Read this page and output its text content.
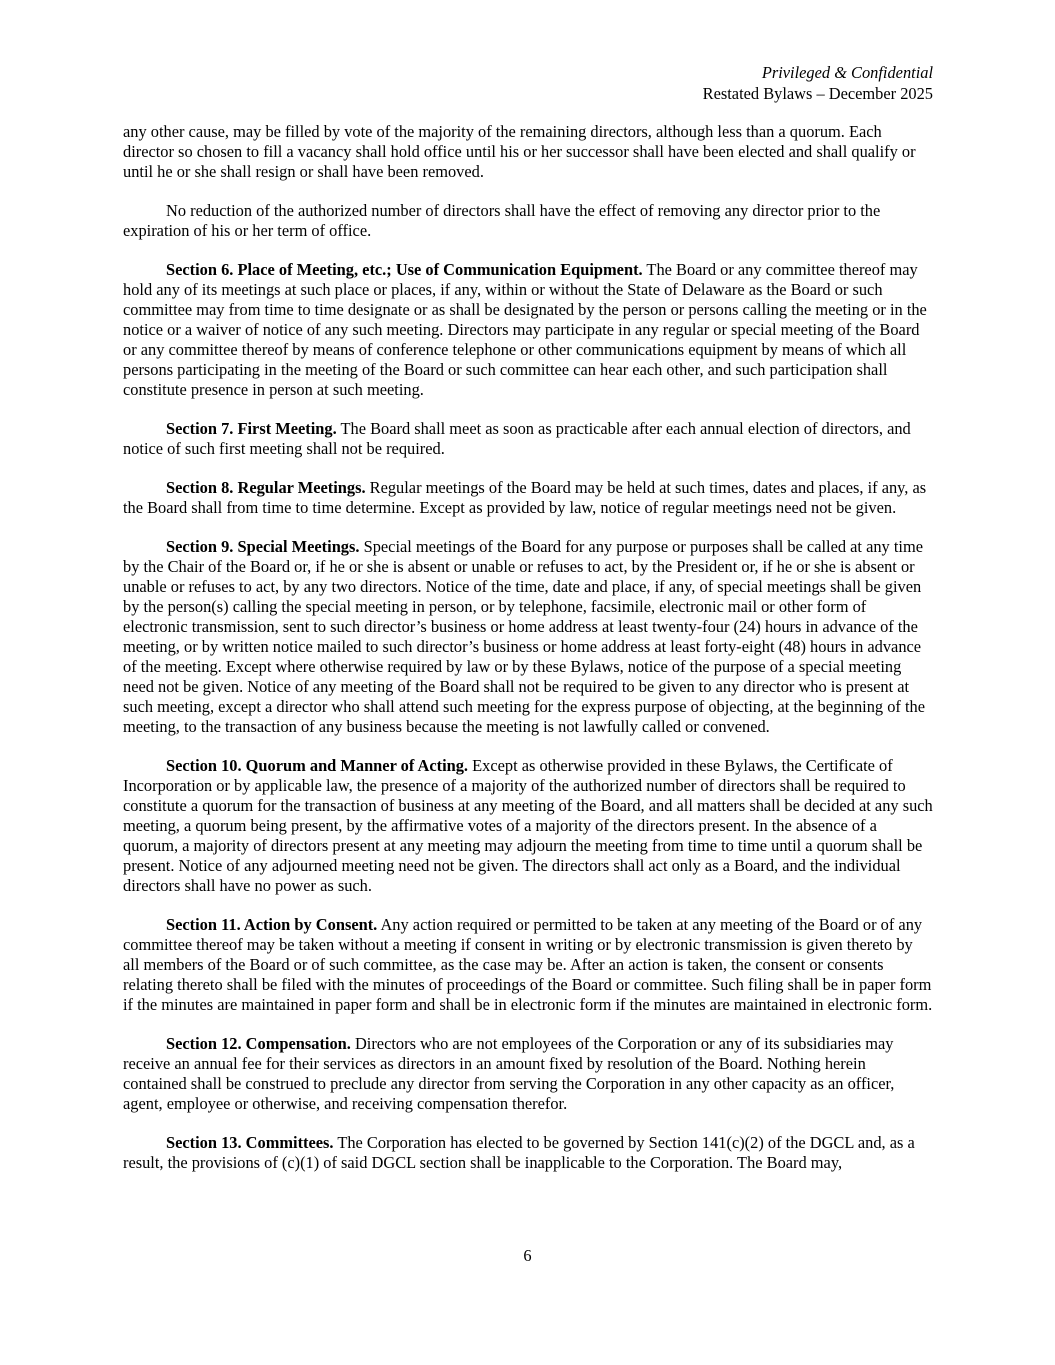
Privileged & Confidential
Restated Bylaws – December 2025

any other cause, may be filled by vote of the majority of the remaining directors, although less than a quorum. Each director so chosen to fill a vacancy shall hold office until his or her successor shall have been elected and shall qualify or until he or she shall resign or shall have been removed.

No reduction of the authorized number of directors shall have the effect of removing any director prior to the expiration of his or her term of office.

Section 6. Place of Meeting, etc.; Use of Communication Equipment. The Board or any committee thereof may hold any of its meetings at such place or places, if any, within or without the State of Delaware as the Board or such committee may from time to time designate or as shall be designated by the person or persons calling the meeting or in the notice or a waiver of notice of any such meeting. Directors may participate in any regular or special meeting of the Board or any committee thereof by means of conference telephone or other communications equipment by means of which all persons participating in the meeting of the Board or such committee can hear each other, and such participation shall constitute presence in person at such meeting.

Section 7. First Meeting. The Board shall meet as soon as practicable after each annual election of directors, and notice of such first meeting shall not be required.

Section 8. Regular Meetings. Regular meetings of the Board may be held at such times, dates and places, if any, as the Board shall from time to time determine. Except as provided by law, notice of regular meetings need not be given.

Section 9. Special Meetings. Special meetings of the Board for any purpose or purposes shall be called at any time by the Chair of the Board or, if he or she is absent or unable or refuses to act, by the President or, if he or she is absent or unable or refuses to act, by any two directors. Notice of the time, date and place, if any, of special meetings shall be given by the person(s) calling the special meeting in person, or by telephone, facsimile, electronic mail or other form of electronic transmission, sent to such director’s business or home address at least twenty-four (24) hours in advance of the meeting, or by written notice mailed to such director’s business or home address at least forty-eight (48) hours in advance of the meeting. Except where otherwise required by law or by these Bylaws, notice of the purpose of a special meeting need not be given. Notice of any meeting of the Board shall not be required to be given to any director who is present at such meeting, except a director who shall attend such meeting for the express purpose of objecting, at the beginning of the meeting, to the transaction of any business because the meeting is not lawfully called or convened.

Section 10. Quorum and Manner of Acting. Except as otherwise provided in these Bylaws, the Certificate of Incorporation or by applicable law, the presence of a majority of the authorized number of directors shall be required to constitute a quorum for the transaction of business at any meeting of the Board, and all matters shall be decided at any such meeting, a quorum being present, by the affirmative votes of a majority of the directors present. In the absence of a quorum, a majority of directors present at any meeting may adjourn the meeting from time to time until a quorum shall be present. Notice of any adjourned meeting need not be given. The directors shall act only as a Board, and the individual directors shall have no power as such.

Section 11. Action by Consent. Any action required or permitted to be taken at any meeting of the Board or of any committee thereof may be taken without a meeting if consent in writing or by electronic transmission is given thereto by all members of the Board or of such committee, as the case may be. After an action is taken, the consent or consents relating thereto shall be filed with the minutes of proceedings of the Board or committee. Such filing shall be in paper form if the minutes are maintained in paper form and shall be in electronic form if the minutes are maintained in electronic form.

Section 12. Compensation. Directors who are not employees of the Corporation or any of its subsidiaries may receive an annual fee for their services as directors in an amount fixed by resolution of the Board. Nothing herein contained shall be construed to preclude any director from serving the Corporation in any other capacity as an officer, agent, employee or otherwise, and receiving compensation therefor.

Section 13. Committees. The Corporation has elected to be governed by Section 141(c)(2) of the DGCL and, as a result, the provisions of (c)(1) of said DGCL section shall be inapplicable to the Corporation. The Board may,

6
